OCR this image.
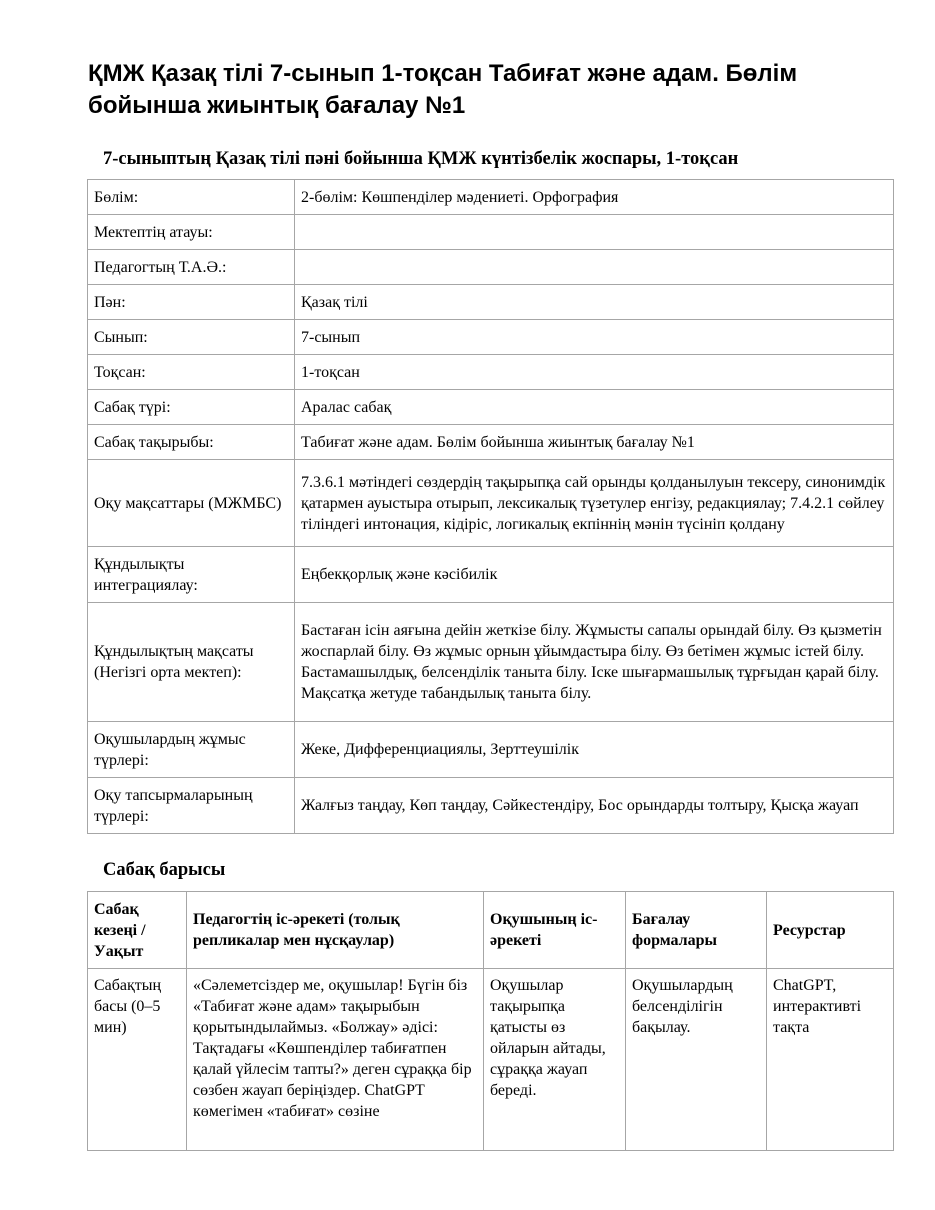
ҚМЖ Қазақ тілі 7-сынып 1-тоқсан Табиғат және адам. Бөлім бойынша жиынтық бағалау №1
7-сыныптың Қазақ тілі пәні бойынша ҚМЖ күнтізбелік жоспары, 1-тоқсан
Бөлім:	2-бөлім: Көшпенділер мәдениеті. Орфография
Мектептің атауы:	
Педагогтың Т.А.Ә.:	
Пән:	Қазақ тілі
Сынып:	7-сынып
Тоқсан:	1-тоқсан
Сабақ түрі:	Аралас сабақ
Сабақ тақырыбы:	Табиғат және адам. Бөлім бойынша жиынтық бағалау №1
Оқу мақсаттары (МЖМБС)	7.3.6.1 мәтіндегі сөздердің тақырыпқа сай орынды қолданылуын тексеру, синонимдік қатармен ауыстыра отырып, лексикалық түзетулер енгізу, редакциялау; 7.4.2.1 сөйлеу тіліндегі интонация, кідіріс, логикалық екпіннің мәнін түсініп қолдану
Құндылықты интеграциялау:	Еңбекқорлық және кәсібилік
Құндылықтың мақсаты (Негізгі орта мектеп):	Бастаған ісін аяғына дейін жеткізе білу. Жұмысты сапалы орындай білу. Өз қызметін жоспарлай білу. Өз жұмыс орнын ұйымдастыра білу. Өз бетімен жұмыс істей білу. Бастамашылдық, белсенділік таныта білу. Іске шығармашылық тұрғыдан қарай білу. Мақсатқа жетуде табандылық таныта білу.
Оқушылардың жұмыс түрлері:	Жеке, Дифференциациялы, Зерттеушілік
Оқу тапсырмаларының түрлері:	Жалғыз таңдау, Көп таңдау, Сәйкестендіру, Бос орындарды толтыру, Қысқа жауап
Сабақ барысы
Сабақ кезеңі / Уақыт	Педагогтің іс-әрекеті (толық репликалар мен нұсқаулар)	Оқушының іс-әрекеті	Бағалау формалары	Ресурстар
Сабақтың басы (0–5 мин)	«Сәлеметсіздер ме, оқушылар! Бүгін біз «Табиғат және адам» тақырыбын қорытындылаймыз. «Болжау» әдісі: Тақтадағы «Көшпенділер табиғатпен қалай үйлесім тапты?» деген сұраққа бір сөзбен жауап беріңіздер. ChatGPT көмегімен «табиғат» сөзіне	Оқушылар тақырыпқа қатысты өз ойларын айтады, сұраққа жауап береді.	Оқушылардың белсенділігін бақылау.	ChatGPT, интерактивті тақта
